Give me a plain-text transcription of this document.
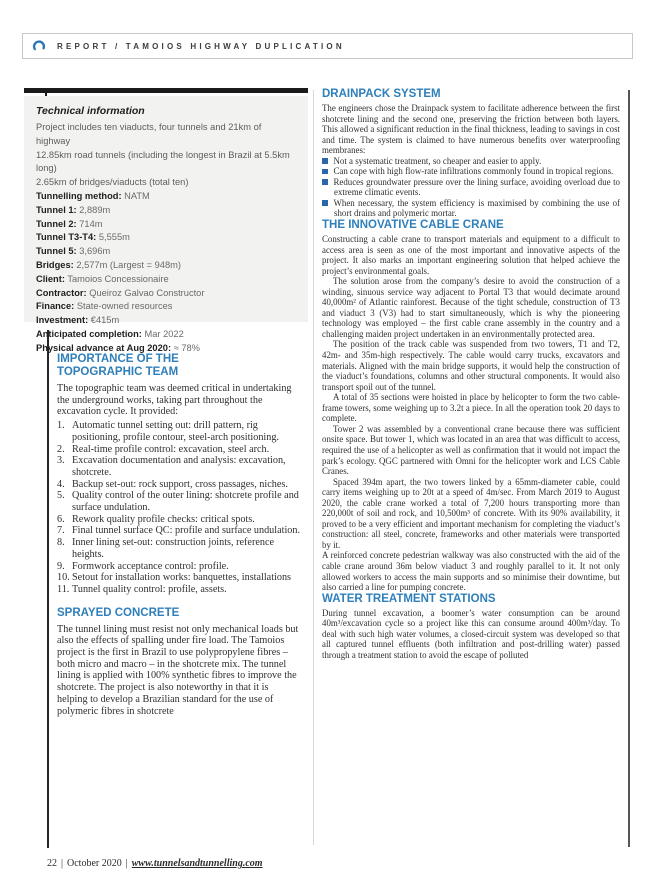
REPORT / TAMOIOS HIGHWAY DUPLICATION
Technical information

Project includes ten viaducts, four tunnels and 21km of highway

12.85km road tunnels (including the longest in Brazil at 5.5km long)

2.65km of bridges/viaducts (total ten)

Tunnelling method: NATM

Tunnel 1: 2,889m

Tunnel 2: 714m

Tunnel T3-T4: 5,555m

Tunnel 5: 3,696m

Bridges: 2,577m (Largest = 948m)

Client: Tamoios Concessionaire

Contractor: Queiroz Galvao Constructor

Finance: State-owned resources

Investment: €415m

Anticipated completion: Mar 2022

Physical advance at Aug 2020: ≈ 78%

IMPORTANCE OF THE TOPOGRAPHIC TEAM

The topographic team was deemed critical in undertaking the underground works, taking part throughout the excavation cycle. It provided:

1. Automatic tunnel setting out: drill pattern, rig positioning, profile contour, steel-arch positioning.
2. Real-time profile control: excavation, steel arch.
3. Excavation documentation and analysis: excavation, shotcrete.
4. Backup set-out: rock support, cross passages, niches.
5. Quality control of the outer lining: shotcrete profile and surface undulation.
6. Rework quality profile checks: critical spots.
7. Final tunnel surface QC: profile and surface undulation.
8. Inner lining set-out: construction joints, reference heights.
9. Formwork acceptance control: profile.
10. Setout for installation works: banquettes, installations
11. Tunnel quality control: profile, assets.
SPRAYED CONCRETE

The tunnel lining must resist not only mechanical loads but also the effects of spalling under fire load. The Tamoios project is the first in Brazil to use polypropylene fibres – both micro and macro – in the shotcrete mix. The tunnel lining is applied with 100% synthetic fibres to improve the shotcrete. The project is also noteworthy in that it is helping to develop a Brazilian standard for the use of polymeric fibres in shotcrete

DRAINPACK SYSTEM

The engineers chose the Drainpack system to facilitate adherence between the first shotcrete lining and the second one, preserving the friction between both layers. This allowed a significant reduction in the final thickness, leading to savings in cost and time. The system is claimed to have numerous benefits over waterproofing membranes:

Not a systematic treatment, so cheaper and easier to apply.
Can cope with high flow-rate infiltrations commonly found in tropical regions.
Reduces groundwater pressure over the lining surface, avoiding overload due to extreme climatic events.
When necessary, the system efficiency is maximised by combining the use of short drains and polymeric mortar.
THE INNOVATIVE CABLE CRANE

Constructing a cable crane to transport materials and equipment to a difficult to access area is seen as one of the most important and innovative aspects of the project. It also marks an important engineering solution that helped achieve the project’s environmental goals.

The solution arose from the company’s desire to avoid the construction of a winding, sinuous service way adjacent to Portal T3 that would decimate around 40,000m² of Atlantic rainforest. Because of the tight schedule, construction of T3 and viaduct 3 (V3) had to start simultaneously, which is why the pioneering technology was employed – the first cable crane assembly in the country and a challenging maiden project undertaken in an environmentally protected area.

The position of the track cable was suspended from two towers, T1 and T2, 42m- and 35m-high respectively. The cable would carry trucks, excavators and materials. Aligned with the main bridge supports, it would help the construction of the viaduct’s foundations, columns and other structural components. It would also transport spoil out of the tunnel.

A total of 35 sections were hoisted in place by helicopter to form the two cable-frame towers, some weighing up to 3.2t a piece. In all the operation took 20 days to complete.

Tower 2 was assembled by a conventional crane because there was sufficient onsite space. But tower 1, which was located in an area that was difficult to access, required the use of a helicopter as well as confirmation that it would not impact the park’s ecology. QGC partnered with Omni for the helicopter work and LCS Cable Cranes.

Spaced 394m apart, the two towers linked by a 65mm-diameter cable, could carry items weighing up to 20t at a speed of 4m/sec. From March 2019 to August 2020, the cable crane worked a total of 7,200 hours transporting more than 220,000t of soil and rock, and 10,500m³ of concrete. With its 90% availability, it proved to be a very efficient and important mechanism for completing the viaduct’s construction: all steel, concrete, frameworks and other materials were transported by it.

A reinforced concrete pedestrian walkway was also constructed with the aid of the cable crane around 36m below viaduct 3 and roughly parallel to it. It not only allowed workers to access the main supports and so minimise their downtime, but also carried a line for pumping concrete.

WATER TREATMENT STATIONS

During tunnel excavation, a boomer’s water consumption can be around 40m³/excavation cycle so a project like this can consume around 400m³/day. To deal with such high water volumes, a closed-circuit system was developed so that all captured tunnel effluents (both infiltration and post-drilling water) passed through a treatment station to avoid the escape of polluted

22 | October 2020 | www.tunnelsandtunnelling.com
